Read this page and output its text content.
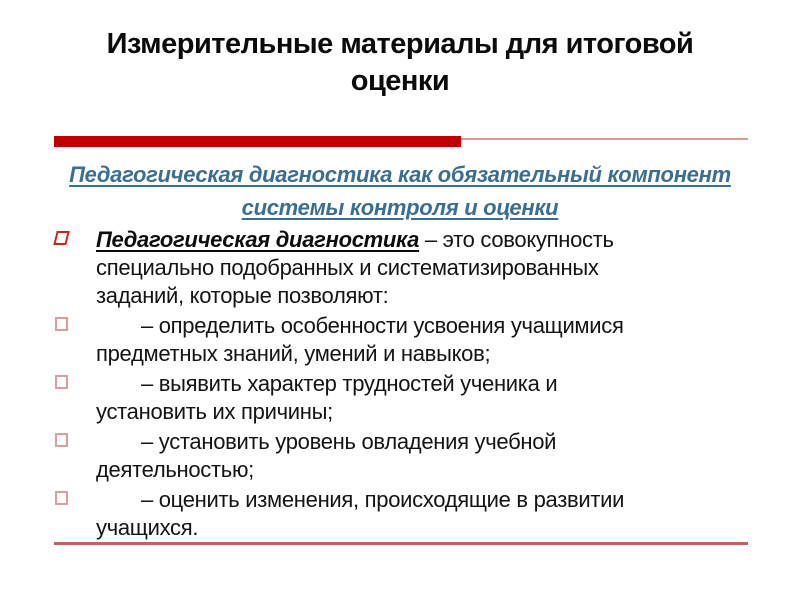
Измерительные материалы для итоговой
оценки
Педагогическая диагностика как обязательный компонент
системы контроля и оценки
Педагогическая диагностика – это совокупность
специально подобранных и систематизированных
заданий, которые позволяют:
– определить особенности усвоения учащимися
предметных знаний, умений и навыков;
– выявить характер трудностей ученика и
установить их причины;
– установить уровень овладения учебной
деятельностью;
– оценить изменения, происходящие в развитии
учащихся.
